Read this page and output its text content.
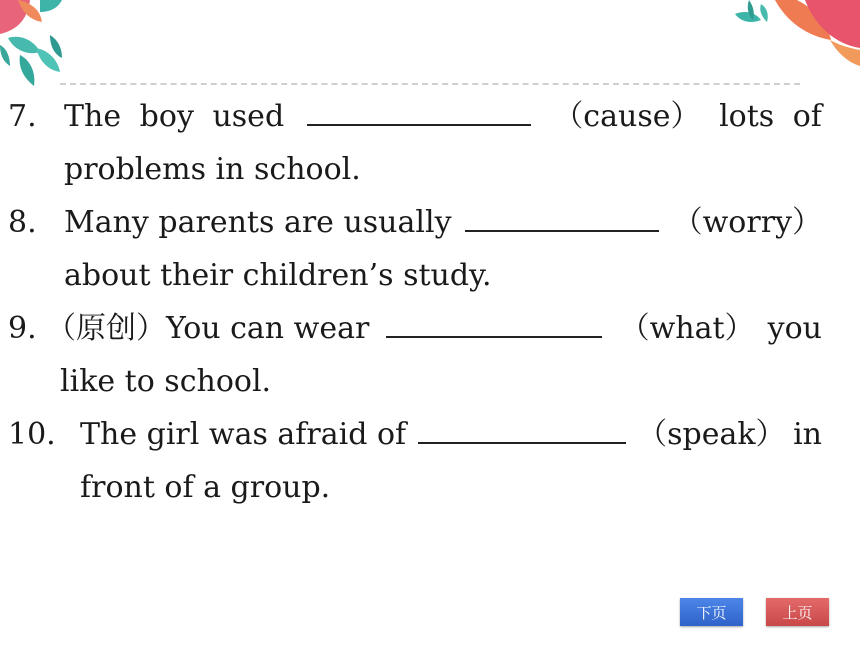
7. The boy used	（cause） lots of
problems in school.
8. Many parents are usually	（worry）
about their children’s study.
9. （原创）You can wear	（what） you
like to school.
10. The girl was afraid of	（speak） in
front of a group.
下页	上页
